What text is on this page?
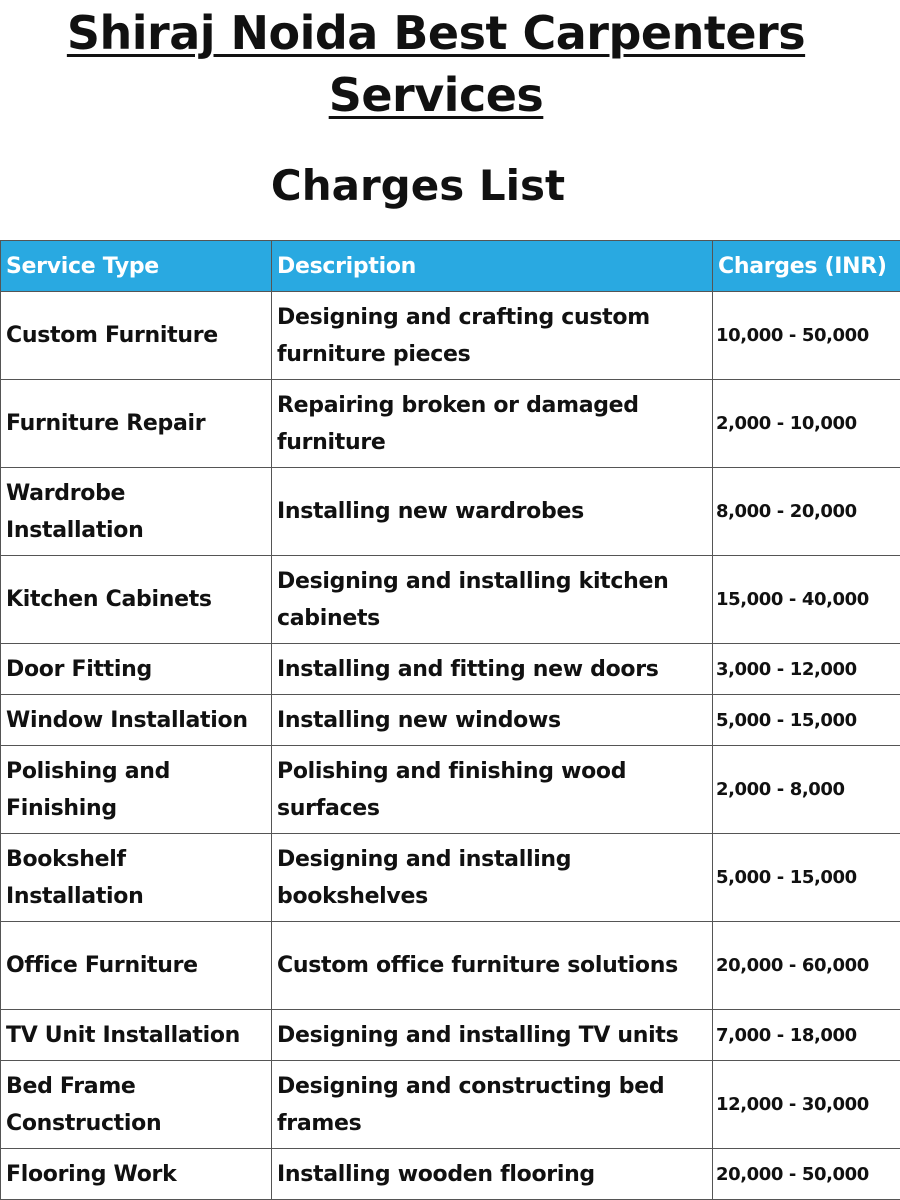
Shiraj Noida Best Carpenters Services
Charges List
Service Type	Description	Charges (INR)
Custom Furniture	Designing and crafting custom furniture pieces	10,000 - 50,000
Furniture Repair	Repairing broken or damaged furniture	2,000 - 10,000
Wardrobe Installation	Installing new wardrobes	8,000 - 20,000
Kitchen Cabinets	Designing and installing kitchen cabinets	15,000 - 40,000
Door Fitting	Installing and fitting new doors	3,000 - 12,000
Window Installation	Installing new windows	5,000 - 15,000
Polishing and Finishing	Polishing and finishing wood surfaces	2,000 - 8,000
Bookshelf Installation	Designing and installing bookshelves	5,000 - 15,000
Office Furniture	Custom office furniture solutions	20,000 - 60,000
TV Unit Installation	Designing and installing TV units	7,000 - 18,000
Bed Frame Construction	Designing and constructing bed frames	12,000 - 30,000
Flooring Work	Installing wooden flooring	20,000 - 50,000
